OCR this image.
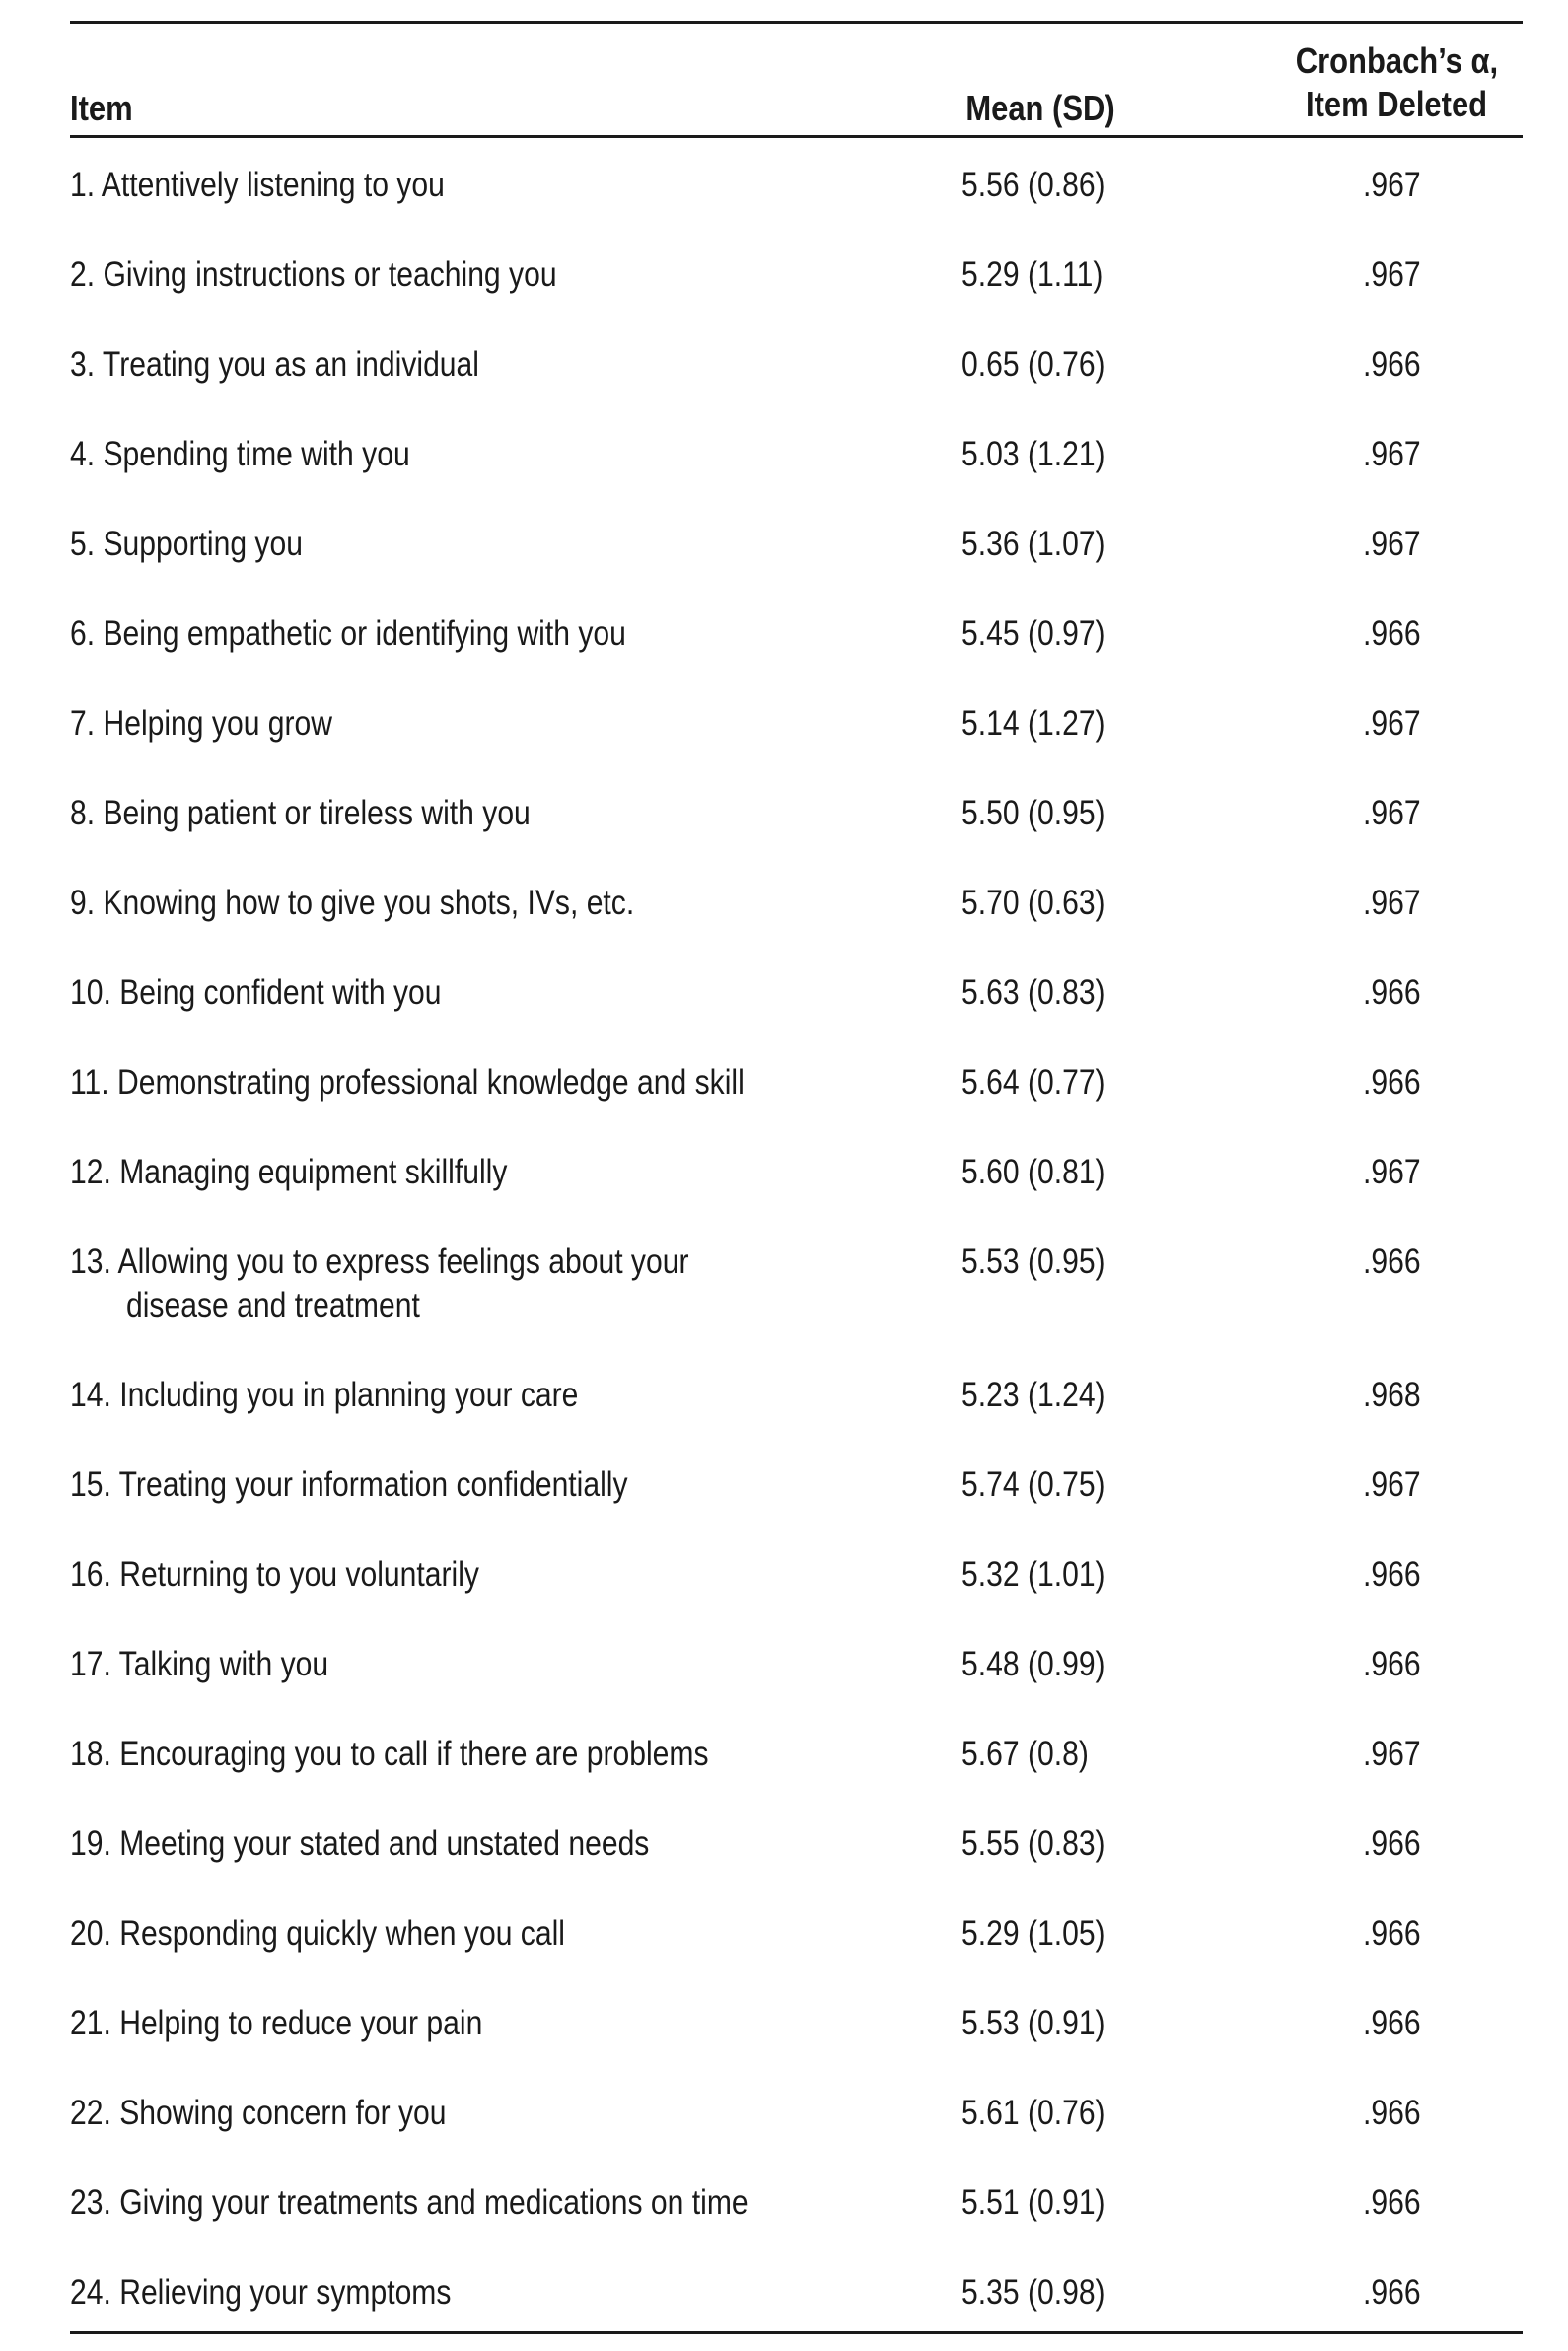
Item	Mean (SD)
Cronbach’s α,
Item Deleted
1. Attentively listening to you	5.56 (0.86)	.967
2. Giving instructions or teaching you	5.29 (1.11)	.967
3. Treating you as an individual	0.65 (0.76)	.966
4. Spending time with you	5.03 (1.21)	.967
5. Supporting you	5.36 (1.07)	.967
6. Being empathetic or identifying with you	5.45 (0.97)	.966
7. Helping you grow	5.14 (1.27)	.967
8. Being patient or tireless with you	5.50 (0.95)	.967
9. Knowing how to give you shots, IVs, etc.	5.70 (0.63)	.967
10. Being confident with you	5.63 (0.83)	.966
11. Demonstrating professional knowledge and skill	5.64 (0.77)	.966
12. Managing equipment skillfully	5.60 (0.81)	.967
13. Allowing you to express feelings about your
disease and treatment
5.53 (0.95)	.966
14. Including you in planning your care	5.23 (1.24)	.968
15. Treating your information confidentially	5.74 (0.75)	.967
16. Returning to you voluntarily	5.32 (1.01)	.966
17. Talking with you	5.48 (0.99)	.966
18. Encouraging you to call if there are problems	5.67 (0.8)	.967
19. Meeting your stated and unstated needs	5.55 (0.83)	.966
20. Responding quickly when you call	5.29 (1.05)	.966
21. Helping to reduce your pain	5.53 (0.91)	.966
22. Showing concern for you	5.61 (0.76)	.966
23. Giving your treatments and medications on time	5.51 (0.91)	.966
24. Relieving your symptoms	5.35 (0.98)	.966
